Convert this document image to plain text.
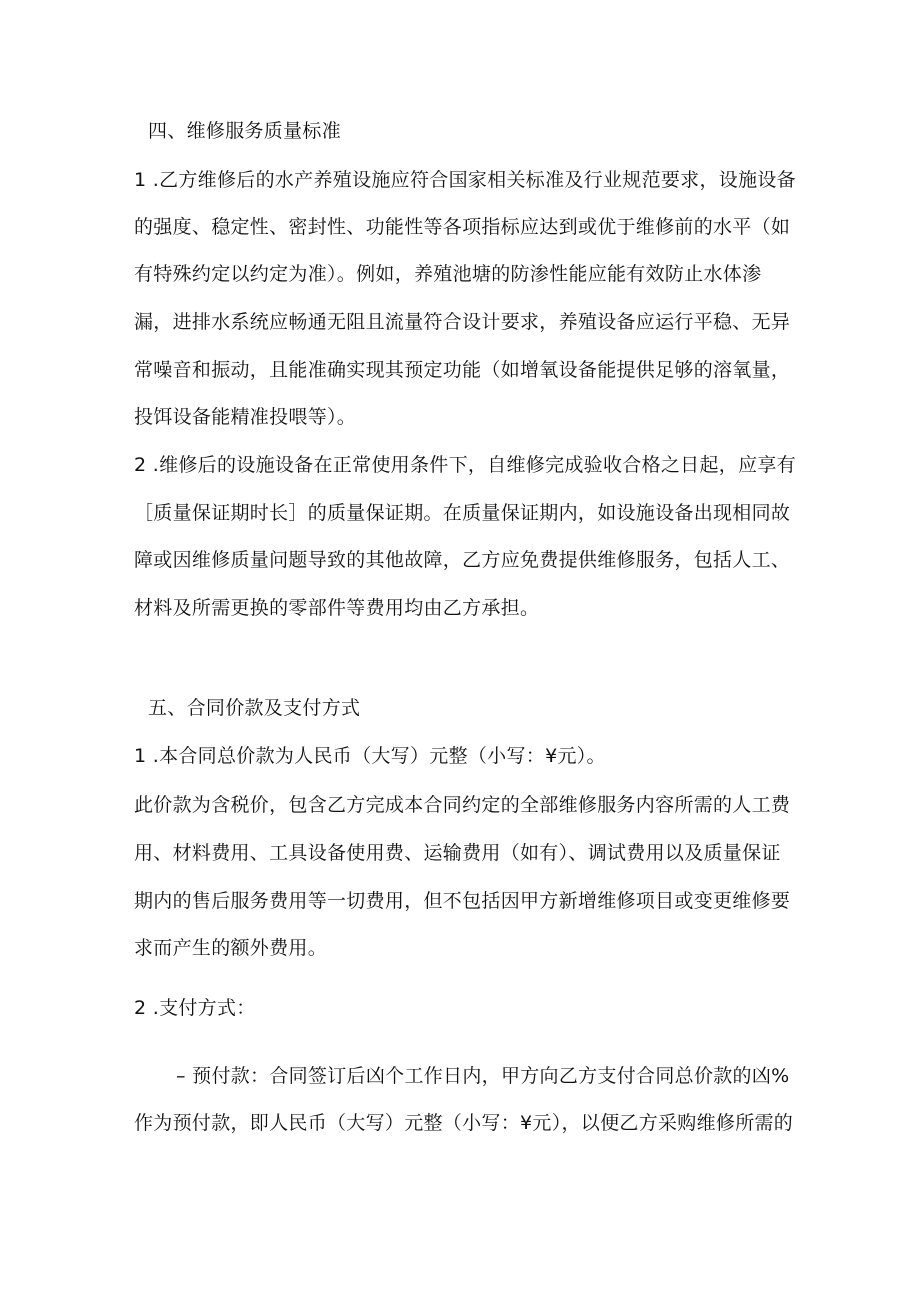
四、维修服务质量标准
1 .乙方维修后的水产养殖设施应符合国家相关标准及行业规范要求，设施设备
的强度、稳定性、密封性、功能性等各项指标应达到或优于维修前的水平（如
有特殊约定以约定为准）。例如，养殖池塘的防渗性能应能有效防止水体渗
漏，进排水系统应畅通无阻且流量符合设计要求，养殖设备应运行平稳、无异
常噪音和振动，且能准确实现其预定功能（如增氧设备能提供足够的溶氧量，
投饵设备能精准投喂等）。
2 .维修后的设施设备在正常使用条件下，自维修完成验收合格之日起，应享有
［质量保证期时长］的质量保证期。在质量保证期内，如设施设备出现相同故
障或因维修质量问题导致的其他故障，乙方应免费提供维修服务，包括人工、
材料及所需更换的零部件等费用均由乙方承担。
五、合同价款及支付方式
1 .本合同总价款为人民币（大写）元整（小写：¥元）。
此价款为含税价，包含乙方完成本合同约定的全部维修服务内容所需的人工费
用、材料费用、工具设备使用费、运输费用（如有）、调试费用以及质量保证
期内的售后服务费用等一切费用，但不包括因甲方新增维修项目或变更维修要
求而产生的额外费用。
2 .支付方式：
– 预付款：合同签订后凶个工作日内，甲方向乙方支付合同总价款的凶%
作为预付款，即人民币（大写）元整（小写：¥元），以便乙方采购维修所需的
